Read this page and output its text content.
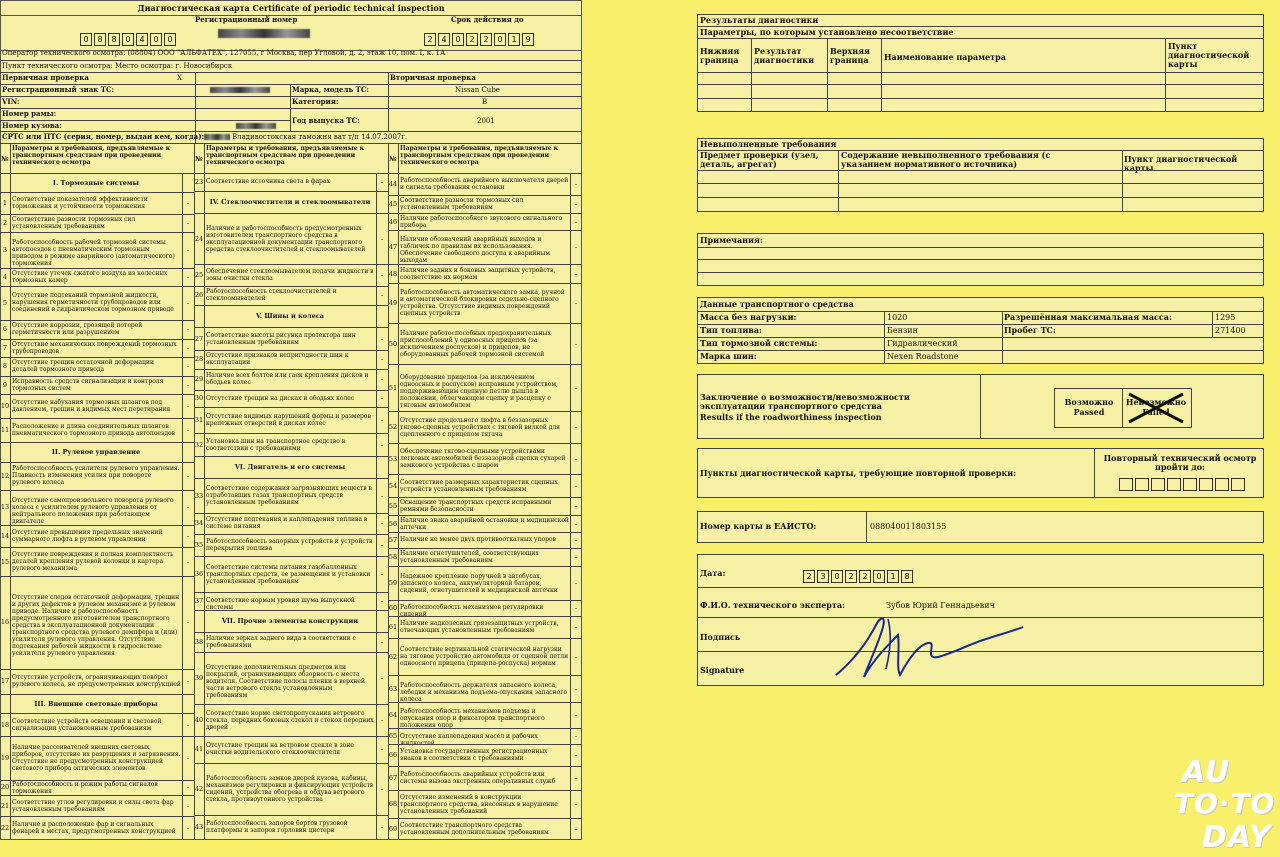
Диагностическая карта Certificate of periodic technical inspection
Регистрационный номер
0 8 8 0 4 0 0
Срок действия до
2 4 0 2 2 0 1 9
Оператор технического осмотра: (08804) ООО "АЛЬФАТЕХ", 127055, г Москва, пер Угловой, д. 2, этаж 10, пом. I, к. 1А
Пункт технического осмотра: Место осмотра: г. Новосибирск
Первичная проверка	X	Вторичная проверка
Регистрационный знак ТС:	Марка, модель ТС:	Nissan Cube
VIN:	Категория:	B
Номер рамы:
Год выпуска ТС:	2001
Номер кузова:
СРТС или ПТС (серия, номер, выдан кем, когда):	Владивостокская таможня ват т/п 14.07.2007г.
№
Параметры и требования, предъявляемые к транспортным средствам при проведении технического осмотра	№
Параметры и требования, предъявляемые к транспортным средствам при проведении технического осмотра	№
Параметры и требования, предъявляемые к транспортным средствам при проведении технического осмотра
I. Тормозные системы
1 Соответствие показателей эффективности торможения и устойчивости торможения	-
2 Соответствие разности тормозных сил установленным требованиям	-
3
Работоспособность рабочей тормозной системы автопоездов с пневматическим тормозным приводом в режиме аварийного (автоматического) торможения
-
4 Отсутствие утечек сжатого воздуха из колесных тормозных камер	-
5
Отсутствие подтеканий тормозной жидкости, нарушения герметичности трубопроводов или соединений в гидравлическом тормозном приводе
-
6 Отсутствие коррозии, грозящей потерей герметичности или разрушением	-
7 Отсутствие механических повреждений тормозных трубопроводов	-
8 Отсутствие трещин остаточной деформации деталей тормозного привода	-
9 Исправность средств сигнализации и контроля тормозных систем	-
10 Отсутствие набухания тормозных шлангов под давлением, трещин и видимых мест перетирания	-
11 Расположение и длина соединительных шлангов пневматического тормозного привода автопоездов	-
II. Рулевое управление
12
Работоспособность усилителя рулевого управления. Плавность изменения усилия при повороте рулевого колеса
-
13
Отсутствие самопроизвольного поворота рулевого колеса с усилителем рулевого управления от нейтрального положения при работающем двигателе
-
14 Отсутствие превышения предельных значений суммарного люфта в рулевом управлении	-
15
Отсутствие повреждения и полная комплектность деталей крепления рулевой колонки и картера рулевого механизма
-
16
Отсутствие следов остаточной деформации, трещин и других дефектов в рулевом механизме и рулевом приводе. Наличие и работоспособность предусмотренного изготовителем транспортного средства в эксплуатационной документации транспортного средства рулевого демпфера и (или) усилителя рулевого управления. Отсутствие подтекания рабочей жидкости в гидросистеме усилителя рулевого управления
-
17 Отсутствие устройств, ограничивающих поворот рулевого колеса, не предусмотренных конструкцией -
III. Внешние световые приборы
18 Соответствие устройств освещения и световой сигнализации установленным требованиям	-
19
Наличие рассеивателей внешних световых приборов, отсутствие их разрушения и загрязнения. Отсутствие не предусмотренных конструкцией светового прибора оптических элементов
-
20 Работоспособность и режим работы сигналов торможения	-
21 Соответствие углов регулировки и силы света фар установленным требованиям	-
22 Наличие и расположение фар и сигнальных фонарей в местах, предусмотренных конструкцией	-
23 Соответствие источника света в фарах	-
IV. Стеклоочистители и стеклоомыватели
24
Наличие и работоспособность предусмотренных изготовителем транспортного средства в эксплуатационной документации транспортного средства стеклоочистителей и стеклоомывателей
-
25 Обеспечение стеклоомывателем подачи жидкости в зоны очистки стекла	-
26 Работоспособность стеклоочистителей и стеклоомывателей	-
V. Шины и колеса
27 Соответствие высоты рисунка протектора шин установленным требованиям	-
28 Отсутствие признаков непригодности шин к эксплуатации	-
29 Наличие всех болтов или гаек крепления дисков и ободьев колес	-
30 Отсутствие трещин на дисках и ободьях колес	-
31 Отсутствие видимых нарушений формы и размеров крепежных отверстий в дисках колес	-
32 Установка шин на транспортное средство в соответствии с требованиями	-
VI. Двигатель и его системы
33
Соответствие содержания загрязняющих веществ в отработавших газах транспортных средств установленным требованиям
-
34 Отсутствие подтекания и каплепадения топлива в системе питания	-
35 Работоспособность запорных устройств и устройств перекрытия топлива	-
36
Соответствие системы питания газобаллонных транспортных средств, ее размещения и установки установленным требованиям
-
37 Соответствие нормам уровня шума выпускной системы
-
VII. Прочие элементы конструкции
38 Наличие зеркал заднего вида в соответствии с требованиями	-
39
Отсутствие дополнительных предметов или покрытий, ограничивающих обзорность с места водителя. Соответствие полосы пленки в верхней части ветрового стекла установленным требованиям
-
40
Соответствие норме светопропускания ветрового стекла, передних боковых стекол и стекол передних дверей
-
41 Отсутствие трещин на ветровом стекле в зоне очистки водительского стеклоочистителя	-
42
Работоспособность замков дверей кузова, кабины, механизмов регулировки и фиксирующих устройств сидений, устройства обогрева и обдува ветрового стекла, противоугонного устройства
-
43 Работоспособность запоров бортов грузовой платформы и запоров горловин цистерн	-
44 Работоспособность аварийного выключателя дверей и сигнала требования остановки	-
45 Соответствие разности тормозных сил установленным требованиям	-
46 Наличие работоспособного звукового сигнального прибора	-
47
Наличие обозначений аварийных выходов и табличек по правилам их использования. Обеспечение свободного доступа к аварийным выходам
-
48 Наличие задних и боковых защитных устройств, соответствие их нормам	-
49
Работоспособность автоматического замка, ручной и автоматической блокировки седельно-сцепного устройства. Отсутствие видимых повреждений сцепных устройств
-
50
Наличие работоспособных предохранительных приспособлений у одноосных прицепов (за исключением роспусков) и прицепов, не оборудованных рабочей тормозной системой
-
51
Оборудование прицепов (за исключением одноосных и роспусков) исправным устройством, поддерживающим сцепную петлю дышла в положении, облегчающем сцепку и расцепку с тяговым автомобилем
-
52
Отсутствие продольного люфта в беззазорных тягово-сцепных устройствах с тяговой вилкой для сцепленного с прицепом тягача
-
53
Обеспечение тягово-сцепными устройствами легковых автомобилей беззазорной сцепки сухарей замкового устройства с шаром
-
54 Соответствие размерных характеристик сцепных устройств установленным требованиям	-
55 Оснащение транспортных средств исправными ремнями безопасности	-
56 Наличие знака аварийной остановки и медицинской аптечки	-
57 Наличие не менее двух противооткатных упоров	-
58 Наличие огнетушителей, соответствующих установленным требованиям	-
59
Надежное крепление поручней в автобусах, запасного колеса, аккумуляторной батареи, сидений, огнетушителей и медицинской аптечки
-
60 Работоспособность механизмов регулировки сидений
-
61 Наличие надколесных грязезащитных устройств, отвечающих установленным требованиям	-
62
Соответствие вертикальной статической нагрузки на тяговое устройство автомобиля от сцепной петли одноосного прицепа (прицепа-роспуска) нормам
-
63 Работоспособность держателя запасного колеса, лебедки и механизма подъема-опускания запасного колеса
-
64 Работоспособность механизмов подъема и опускания опор и фиксаторов транспортного положения опор
-
65 Отсутствие каплепадения масел и рабочих жидкостей
-
66 Установка государственных регистрационных знаков в соответствии с требованиями	-
67 Работоспособность аварийных устройств или системы вызова экстренных оперативных служб	-
68
Отсутствие изменений в конструкции транспортного средства, внесенных в нарушение установленных требований
-
69 Соответствие транспортного средства установленным дополнительным требованиям	-
Результаты диагностики
Параметры, по которым установлено несоответствие
Нижняя граница
Результат диагностики
Верхняя граница	Наименование параметра
Пункт диагностической карты
Невыполненные требования
Предмет проверки (узел, деталь, агрегат)
Содержание невыполненного требования (с указанием нормативного источника)	Пункт диагностической карты
Примечания:
Данные транспортного средства
Масса без нагрузки:	1020	Разрешённая максимальная масса:	1295
Тип топлива:	Бензин	Пробег ТС:	271400
Тип тормозной системы:	Гидравлический
Марка шин:	Nexen Roadstone
Заключение о возможности/невозможности эксплуатации транспортного средства
Results if the roadworthiness inspection
Возможно
Passed
Невозможно
Failed
Пункты диагностической карты, требующие повторной проверки:
Повторный технический осмотр пройти до:
Номер карты в ЕАИСТО:	088040011803155
Дата:	2 3 0 2 2 0 1 8
Ф.И.О. технического эксперта:	Зубов Юрий Геннадьевич
Подпись
Signature
AU
TO·TO
DAY
